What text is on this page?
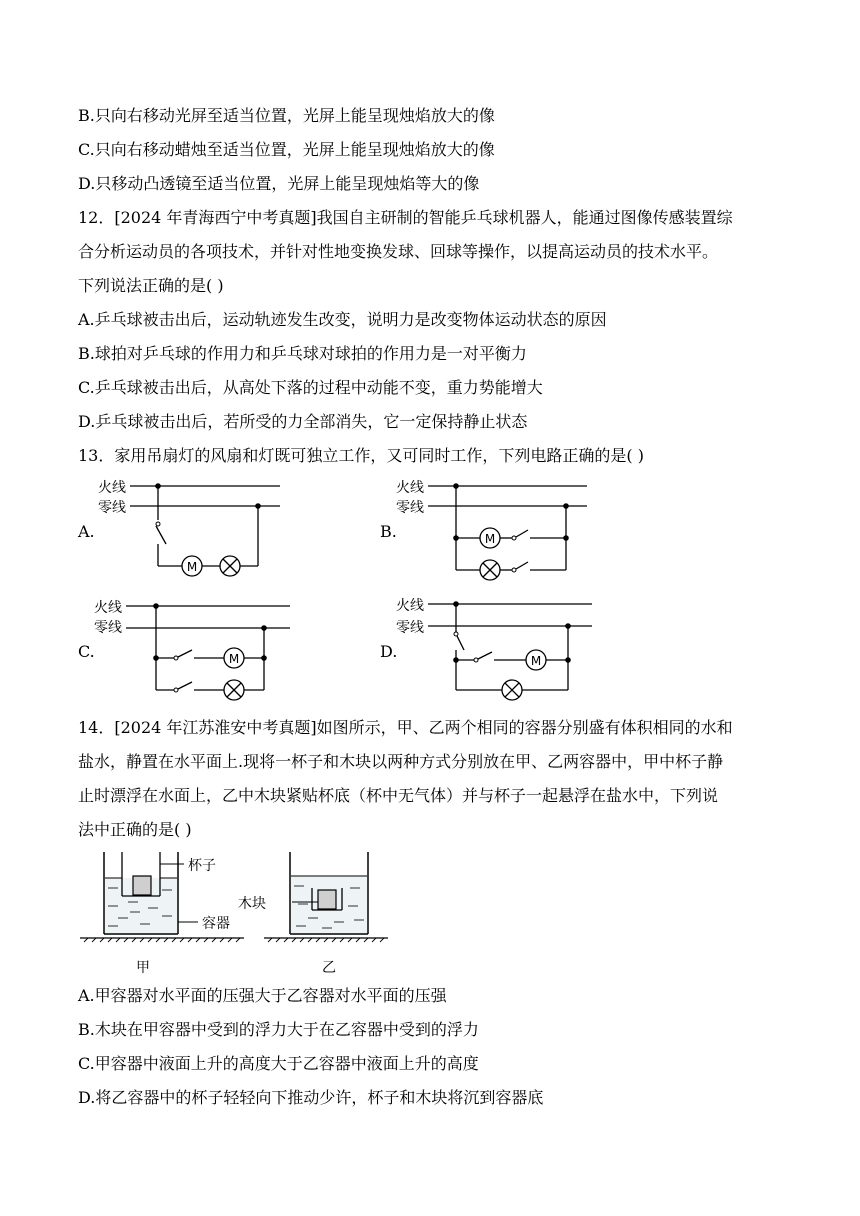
B.只向右移动光屏至适当位置，光屏上能呈现烛焰放大的像
C.只向右移动蜡烛至适当位置，光屏上能呈现烛焰放大的像
D.只移动凸透镜至适当位置，光屏上能呈现烛焰等大的像
12．[2024 年青海西宁中考真题]我国自主研制的智能乒乓球机器人，能通过图像传感装置综
合分析运动员的各项技术，并针对性地变换发球、回球等操作，以提高运动员的技术水平。
下列说法正确的是( )
A.乒乓球被击出后，运动轨迹发生改变，说明力是改变物体运动状态的原因
B.球拍对乒乓球的作用力和乒乓球对球拍的作用力是一对平衡力
C.乒乓球被击出后，从高处下落的过程中动能不变，重力势能增大
D.乒乓球被击出后，若所受的力全部消失，它一定保持静止状态
13．家用吊扇灯的风扇和灯既可独立工作，又可同时工作，下列电路正确的是( )
A.
火线
零线
M
B.
火线
零线
M
C.
火线
零线
M	D.
火线
零线
M
14．[2024 年江苏淮安中考真题]如图所示，甲、乙两个相同的容器分别盛有体积相同的水和
盐水，静置在水平面上.现将一杯子和木块以两种方式分别放在甲、乙两容器中，甲中杯子静
止时漂浮在水面上，乙中木块紧贴杯底（杯中无气体）并与杯子一起悬浮在盐水中，下列说
法中正确的是( )
杯子
容器
甲
木块
乙
A.甲容器对水平面的压强大于乙容器对水平面的压强
B.木块在甲容器中受到的浮力大于在乙容器中受到的浮力
C.甲容器中液面上升的高度大于乙容器中液面上升的高度
D.将乙容器中的杯子轻轻向下推动少许，杯子和木块将沉到容器底
